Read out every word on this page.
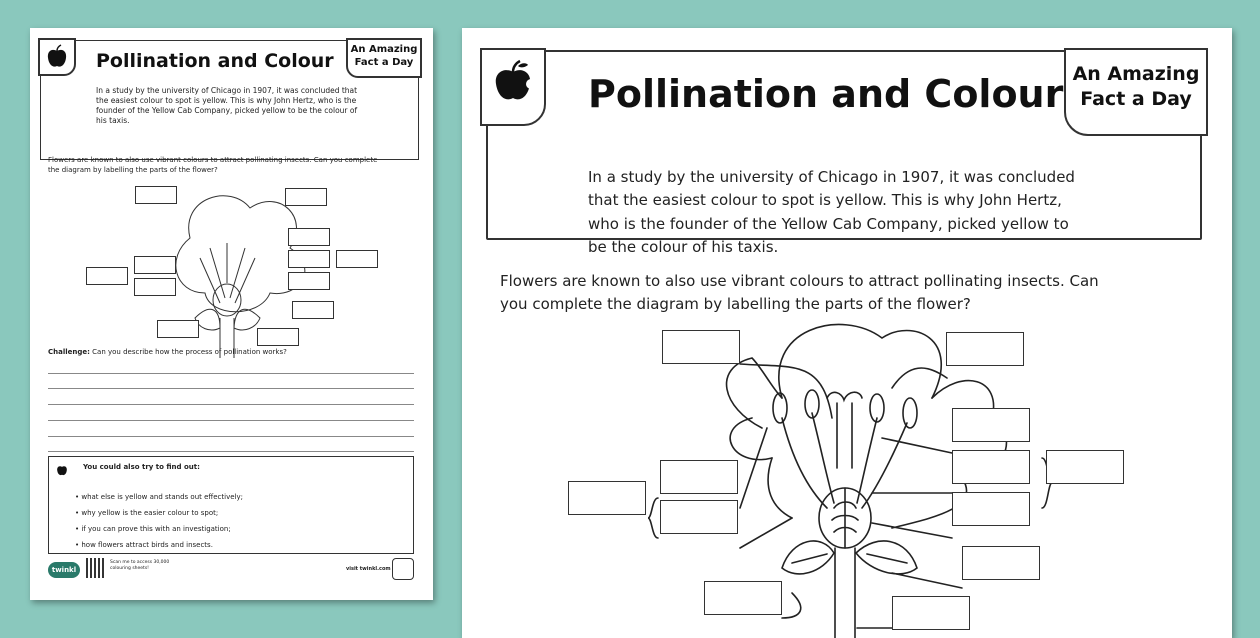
Pollination and Colour
An Amazing
Fact a Day
In a study by the university of Chicago in 1907, it was concluded that the easiest colour to spot is yellow. This is why John Hertz, who is the founder of the Yellow Cab Company, picked yellow to be the colour of his taxis.
Flowers are known to also use vibrant colours to attract pollinating insects. Can you complete the diagram by labelling the parts of the flower?
Challenge: Can you describe how the process of pollination works?
You could also try to find out:
• what else is yellow and stands out effectively;
• why yellow is the easier colour to spot;
• if you can prove this with an investigation;
• how flowers attract birds and insects.
twinkl
Scan me to access 30,000 colouring sheets!	visit twinkl.com
Pollination and Colour An Amazing
Fact a Day
In a study by the university of Chicago in 1907, it was concluded that the easiest colour to spot is yellow. This is why John Hertz, who is the founder of the Yellow Cab Company, picked yellow to be the colour of his taxis.
Flowers are known to also use vibrant colours to attract pollinating insects. Can you complete the diagram by labelling the parts of the flower?
